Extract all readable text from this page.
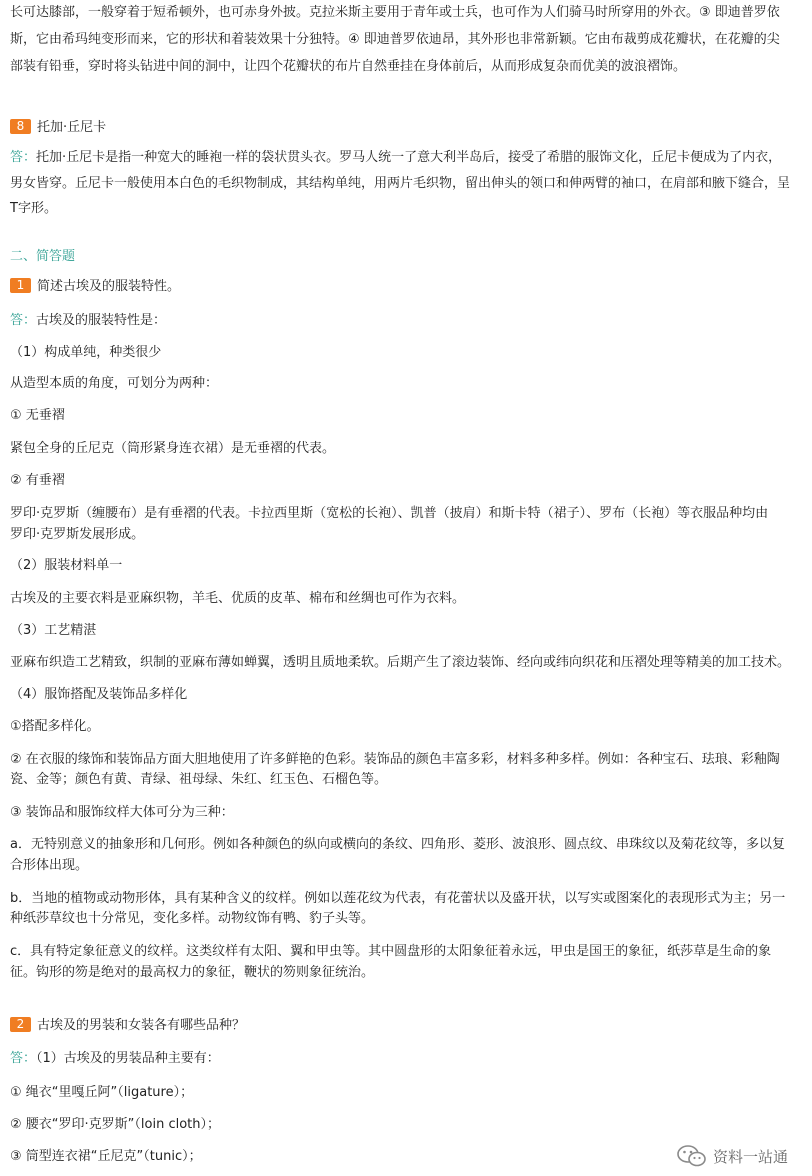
长可达膝部，一般穿着于短希顿外，也可赤身外披。克拉米斯主要用于青年或士兵，也可作为人们骑马时所穿用的外衣。③ 即迪普罗依

斯，它由希玛纯变形而来，它的形状和着装效果十分独特。④ 即迪普罗依迪昂，其外形也非常新颖。它由布裁剪成花瓣状，在花瓣的尖

部装有铅垂，穿时将头钻进中间的洞中，让四个花瓣状的布片自然垂挂在身体前后，从而形成复杂而优美的波浪褶饰。

8 托加·丘尼卡

答：托加·丘尼卡是指一种宽大的睡袍一样的袋状贯头衣。罗马人统一了意大利半岛后，接受了希腊的服饰文化，丘尼卡便成为了内衣，

男女皆穿。丘尼卡一般使用本白色的毛织物制成，其结构单纯，用两片毛织物，留出伸头的领口和伸两臂的袖口，在肩部和腋下缝合，呈

T字形。

二、简答题

1 简述古埃及的服装特性。

答：古埃及的服装特性是：

（1）构成单纯，种类很少

从造型本质的角度，可划分为两种：

① 无垂褶

紧包全身的丘尼克（筒形紧身连衣裙）是无垂褶的代表。

② 有垂褶

罗印·克罗斯（缠腰布）是有垂褶的代表。卡拉西里斯（宽松的长袍）、凯普（披肩）和斯卡特（裙子）、罗布（长袍）等衣服品种均由

罗印·克罗斯发展形成。

（2）服装材料单一

古埃及的主要衣料是亚麻织物，羊毛、优质的皮革、棉布和丝绸也可作为衣料。

（3）工艺精湛

亚麻布织造工艺精致，织制的亚麻布薄如蝉翼，透明且质地柔软。后期产生了滚边装饰、经向或纬向织花和压褶处理等精美的加工技术。

（4）服饰搭配及装饰品多样化

①搭配多样化。

② 在衣服的缘饰和装饰品方面大胆地使用了许多鲜艳的色彩。装饰品的颜色丰富多彩，材料多种多样。例如：各种宝石、珐琅、彩釉陶

瓷、金等；颜色有黄、青绿、祖母绿、朱红、红玉色、石榴色等。

③ 装饰品和服饰纹样大体可分为三种：

a．无特别意义的抽象形和几何形。例如各种颜色的纵向或横向的条纹、四角形、菱形、波浪形、圆点纹、串珠纹以及菊花纹等，多以复

合形体出现。

b．当地的植物或动物形体，具有某种含义的纹样。例如以莲花纹为代表，有花蕾状以及盛开状，以写实或图案化的表现形式为主；另一

种纸莎草纹也十分常见，变化多样。动物纹饰有鸭、豹子头等。

c．具有特定象征意义的纹样。这类纹样有太阳、翼和甲虫等。其中圆盘形的太阳象征着永远，甲虫是国王的象征，纸莎草是生命的象

征。钩形的笏是绝对的最高权力的象征，鞭状的笏则象征统治。

2 古埃及的男装和女装各有哪些品种？

答：（1）古埃及的男装品种主要有：

① 绳衣“里嘎丘阿”（ligature）；

② 腰衣“罗印·克罗斯”（loin cloth）；

③ 筒型连衣裙“丘尼克”（tunic）；	资料一站通
